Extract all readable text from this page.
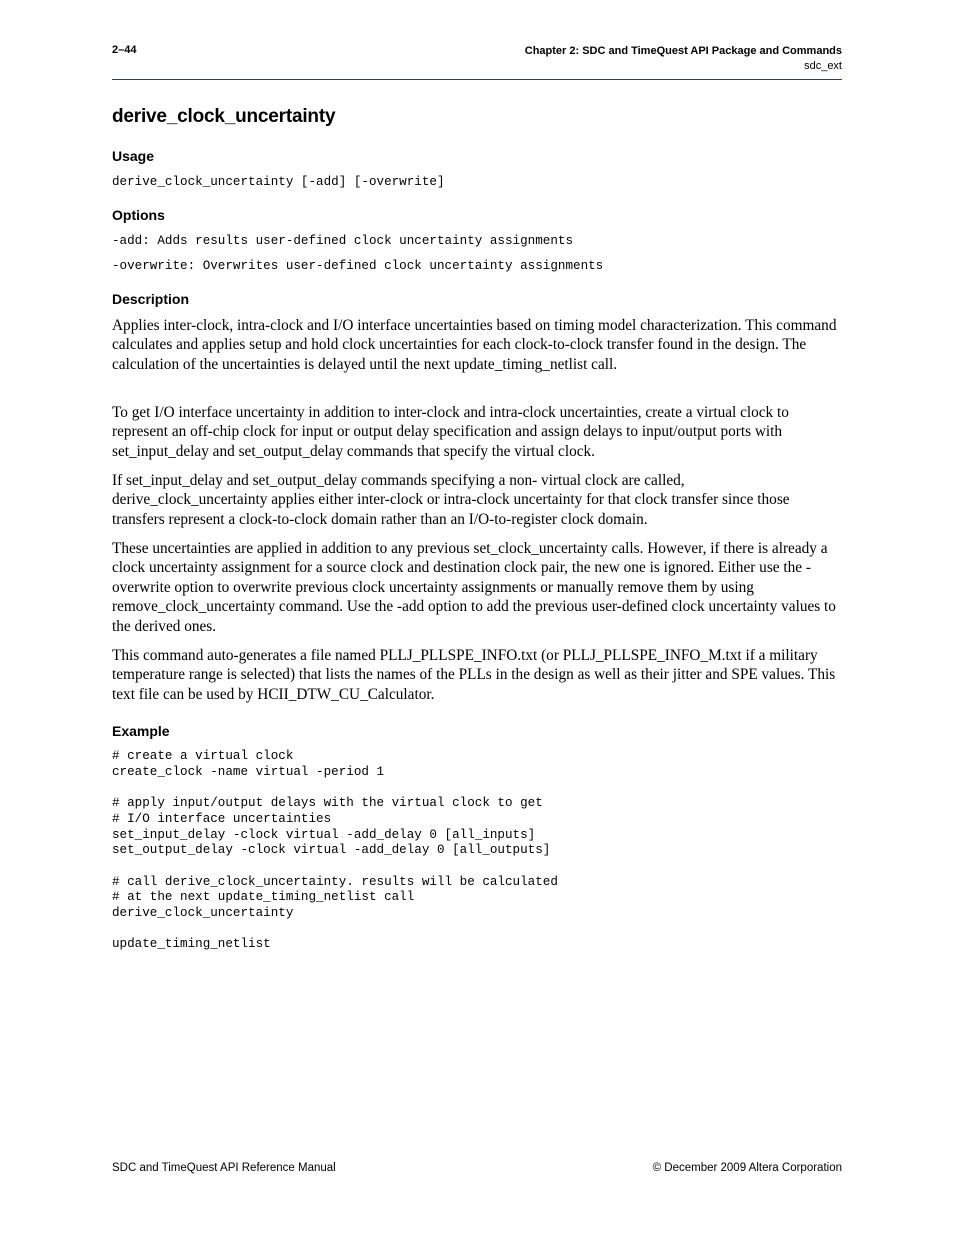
2–44	Chapter 2: SDC and TimeQuest API Package and Commands
sdc_ext
derive_clock_uncertainty
Usage
derive_clock_uncertainty [-add] [-overwrite]
Options
-add: Adds results user-defined clock uncertainty assignments
-overwrite: Overwrites user-defined clock uncertainty assignments
Description

Applies inter-clock, intra-clock and I/O interface uncertainties based on timing model characterization. This command calculates and applies setup and hold clock uncertainties for each clock-to-clock transfer found in the design. The calculation of the uncertainties is delayed until the next update_timing_netlist call.

To get I/O interface uncertainty in addition to inter-clock and intra-clock uncertainties, create a virtual clock to represent an off-chip clock for input or output delay specification and assign delays to input/output ports with set_input_delay and set_output_delay commands that specify the virtual clock.

If set_input_delay and set_output_delay commands specifying a non- virtual clock are called, derive_clock_uncertainty applies either inter-clock or intra-clock uncertainty for that clock transfer since those transfers represent a clock-to-clock domain rather than an I/O-to-register clock domain.

These uncertainties are applied in addition to any previous set_clock_uncertainty calls. However, if there is already a clock uncertainty assignment for a source clock and destination clock pair, the new one is ignored. Either use the -overwrite option to overwrite previous clock uncertainty assignments or manually remove them by using remove_clock_uncertainty command. Use the -add option to add the previous user-defined clock uncertainty values to the derived ones.

This command auto-generates a file named PLLJ_PLLSPE_INFO.txt (or PLLJ_PLLSPE_INFO_M.txt if a military temperature range is selected) that lists the names of the PLLs in the design as well as their jitter and SPE values. This text file can be used by HCII_DTW_CU_Calculator.

Example
# create a virtual clock
create_clock -name virtual -period 1

# apply input/output delays with the virtual clock to get
# I/O interface uncertainties
set_input_delay -clock virtual -add_delay 0 [all_inputs]
set_output_delay -clock virtual -add_delay 0 [all_outputs]

# call derive_clock_uncertainty. results will be calculated
# at the next update_timing_netlist call
derive_clock_uncertainty

update_timing_netlist
SDC and TimeQuest API Reference Manual	© December 2009 Altera Corporation
